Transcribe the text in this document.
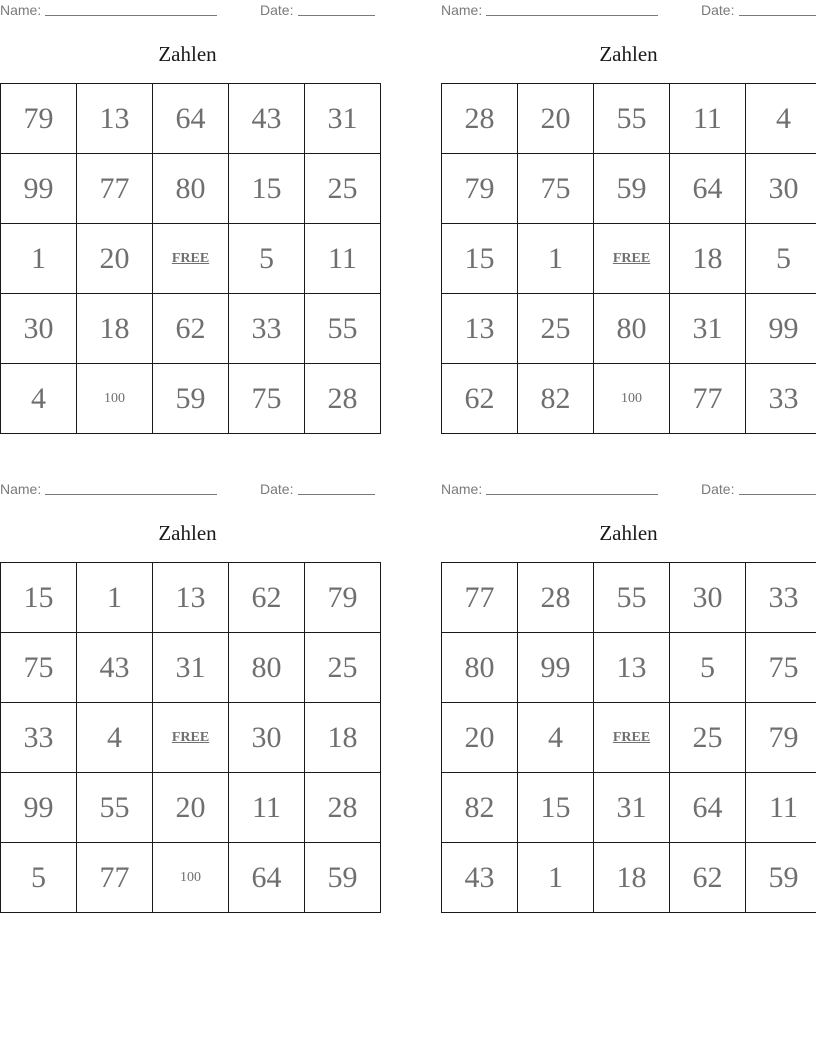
Name:	Date:
Zahlen
79	13	64	43	31
99	77	80	15	25
1	20	FREE	5	11
30	18	62	33	55
4	100	59	75	28
Name:	Date:
Zahlen
28	20	55	11	4
79	75	59	64	30
15	1	FREE	18	5
13	25	80	31	99
62	82	100	77	33
Name:	Date:
Zahlen
15	1	13	62	79
75	43	31	80	25
33	4	FREE	30	18
99	55	20	11	28
5	77	100	64	59
Name:	Date:
Zahlen
77	28	55	30	33
80	99	13	5	75
20	4	FREE	25	79
82	15	31	64	11
43	1	18	62	59
